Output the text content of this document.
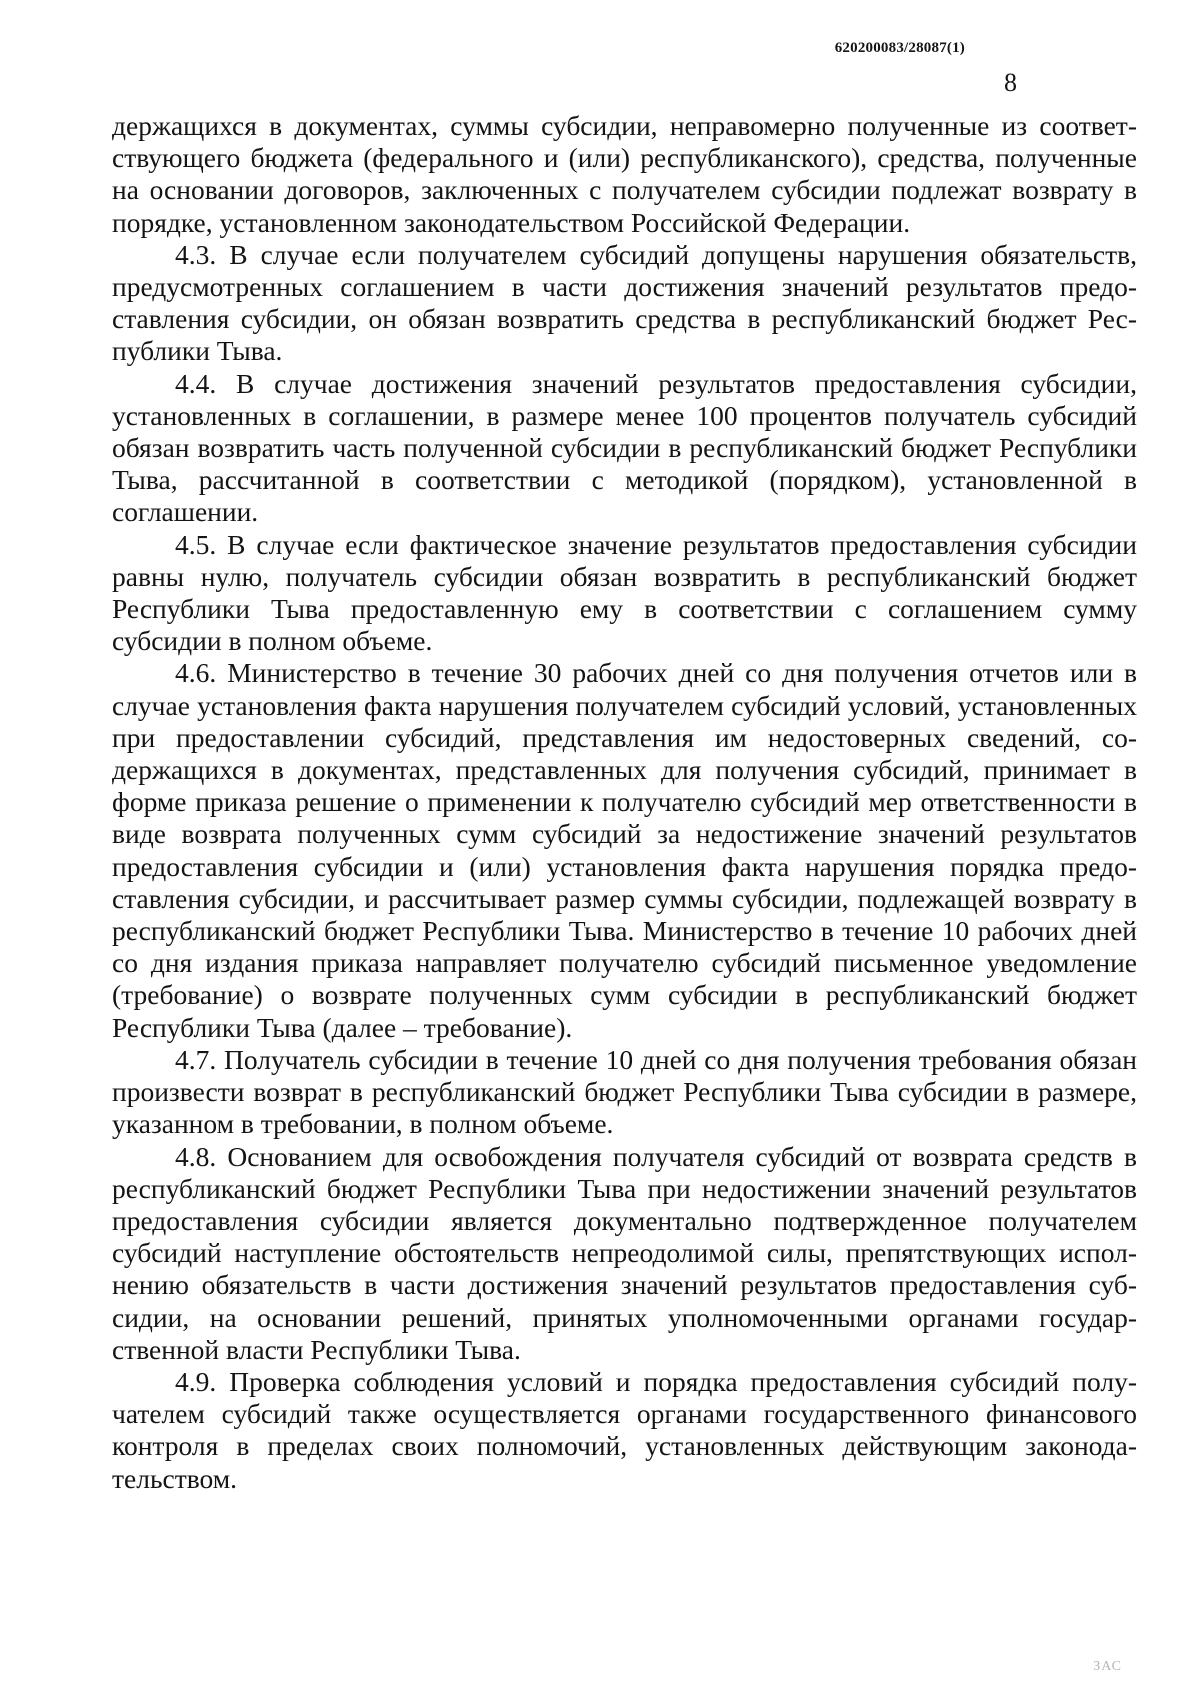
620200083/28087(1)
8

держащихся в документах, суммы субсидии, неправомерно полученные из соответствующего бюджета (федерального и (или) республиканского), средства, полученные на основании договоров, заключенных с получателем субсидии подлежат возврату в порядке, установленном законодательством Российской Федерации.

4.3. В случае если получателем субсидий допущены нарушения обязательств, предусмотренных соглашением в части достижения значений результатов предоставления субсидии, он обязан возвратить средства в республиканский бюджет Республики Тыва.

4.4. В случае достижения значений результатов предоставления субсидии, установленных в соглашении, в размере менее 100 процентов получатель субсидий обязан возвратить часть полученной субсидии в республиканский бюджет Республики Тыва, рассчитанной в соответствии с методикой (порядком), установленной в соглашении.

4.5. В случае если фактическое значение результатов предоставления субсидии равны нулю, получатель субсидии обязан возвратить в республиканский бюджет Республики Тыва предоставленную ему в соответствии с соглашением сумму субсидии в полном объеме.

4.6. Министерство в течение 30 рабочих дней со дня получения отчетов или в случае установления факта нарушения получателем субсидий условий, установленных при предоставлении субсидий, представления им недостоверных сведений, содержащихся в документах, представленных для получения субсидий, принимает в форме приказа решение о применении к получателю субсидий мер ответственности в виде возврата полученных сумм субсидий за недостижение значений результатов предоставления субсидии и (или) установления факта нарушения порядка предоставления субсидии, и рассчитывает размер суммы субсидии, подлежащей возврату в республиканский бюджет Республики Тыва. Министерство в течение 10 рабочих дней со дня издания приказа направляет получателю субсидий письменное уведомление (требование) о возврате полученных сумм субсидии в республиканский бюджет Республики Тыва (далее – требование).

4.7. Получатель субсидии в течение 10 дней со дня получения требования обязан произвести возврат в республиканский бюджет Республики Тыва субсидии в размере, указанном в требовании, в полном объеме.

4.8. Основанием для освобождения получателя субсидий от возврата средств в республиканский бюджет Республики Тыва при недостижении значений результатов предоставления субсидии является документально подтвержденное получателем субсидий наступление обстоятельств непреодолимой силы, препятствующих исполнению обязательств в части достижения значений результатов предоставления субсидии, на основании решений, принятых уполномоченными органами государственной власти Республики Тыва.

4.9. Проверка соблюдения условий и порядка предоставления субсидий получателем субсидий также осуществляется органами государственного финансового контроля в пределах своих полномочий, установленных действующим законодательством.

ЗАС
